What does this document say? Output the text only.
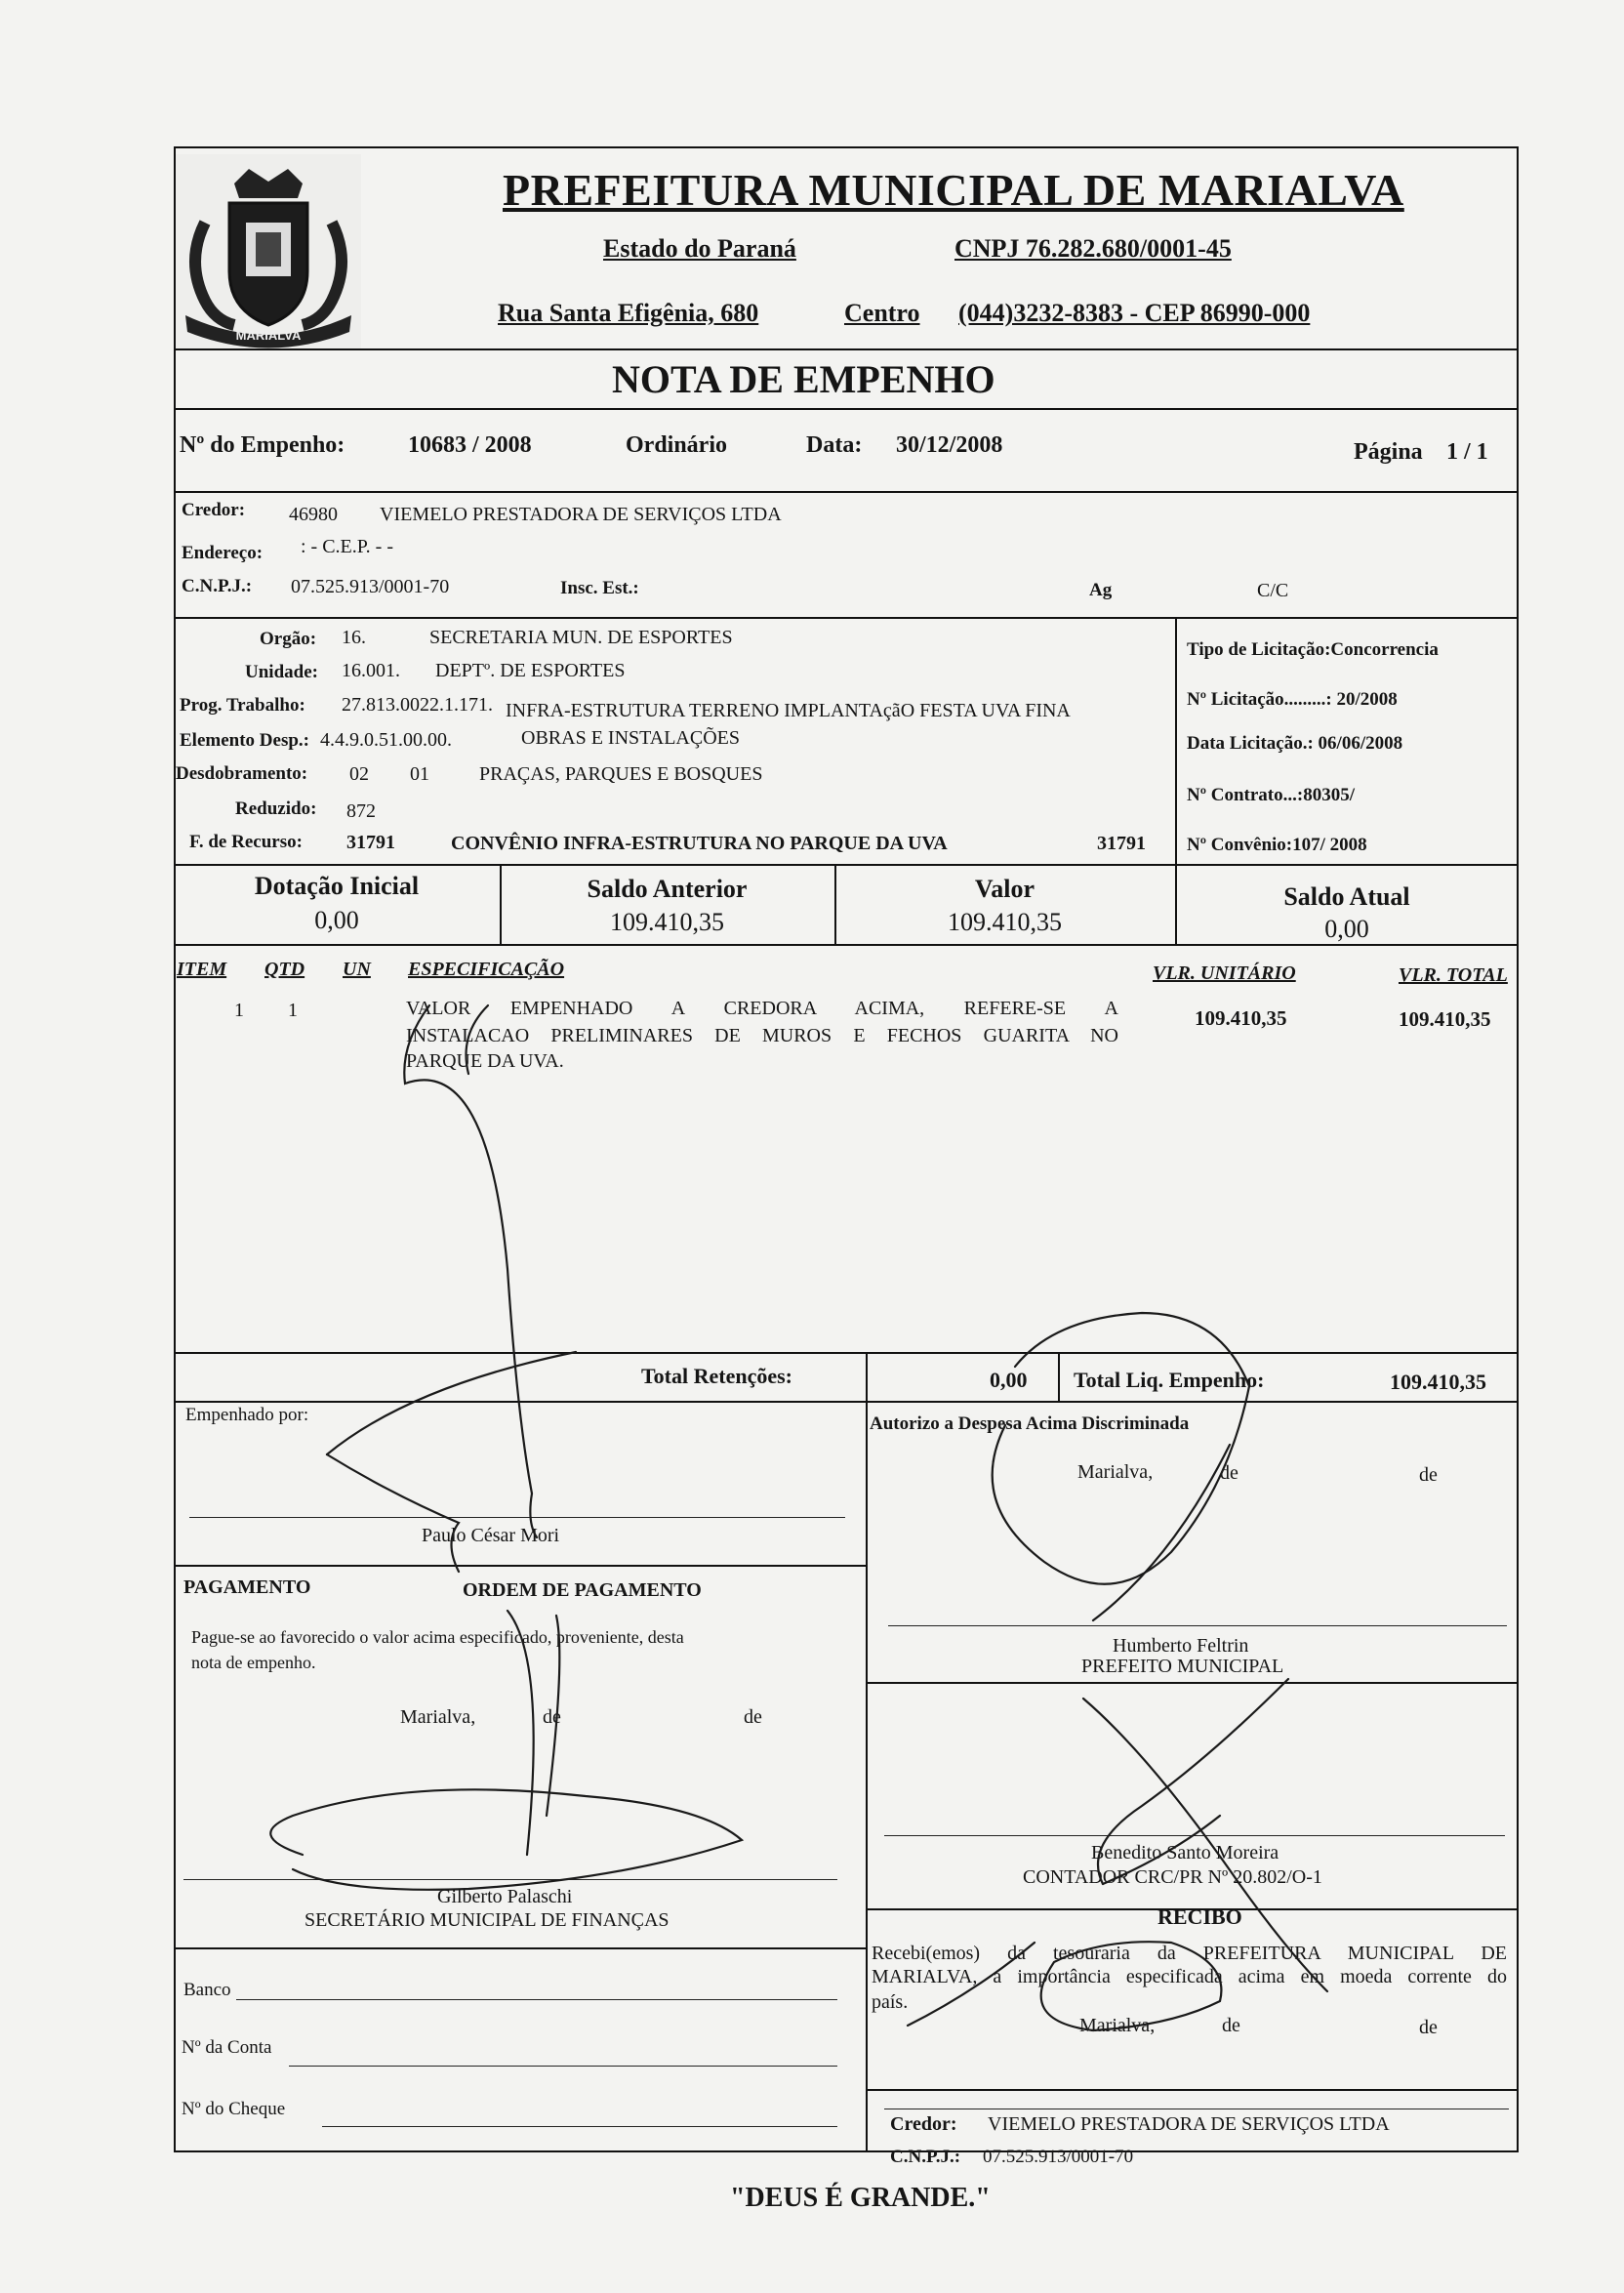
MARIALVA
PREFEITURA MUNICIPAL DE MARIALVA
Estado do Paraná	CNPJ 76.282.680/0001-45
Rua Santa Efigênia, 680	Centro (044)3232-8383 - CEP 86990-000
NOTA DE EMPENHO
Nº do Empenho:	10683 / 2008	Ordinário	Data: 30/12/2008	Página 1 / 1
Credor: 46980 VIEMELO PRESTADORA DE SERVIÇOS LTDA
Endereço: : - C.E.P. - -
C.N.P.J.: 07.525.913/0001-70	Insc. Est.:	Ag	C/C
Orgão: 16.	SECRETARIA MUN. DE ESPORTES
Unidade: 16.001. DEPTº. DE ESPORTES
Prog. Trabalho: 27.813.0022.1.171. INFRA-ESTRUTURA TERRENO IMPLANTAçãO FESTA UVA FINA
Elemento Desp.: 4.4.9.0.51.00.00.	OBRAS E INSTALAÇÕES
Desdobramento: 02 01	PRAÇAS, PARQUES E BOSQUES
Reduzido: 872
F. de Recurso: 31791	CONVÊNIO INFRA-ESTRUTURA NO PARQUE DA UVA	31791
Tipo de Licitação:Concorrencia
Nº Licitação.........: 20/2008
Data Licitação.: 06/06/2008
Nº Contrato...:80305/
Nº Convênio:107/ 2008
Dotação Inicial
0,00
Saldo Anterior
109.410,35
Valor
109.410,35
Saldo Atual
0,00
ITEM QTD UN ESPECIFICAÇÃO	VLR. UNITÁRIO	VLR. TOTAL
1 1	VALOR EMPENHADO A CREDORA ACIMA, REFERE-SE A
INSTALACAO PRELIMINARES DE MUROS E FECHOS GUARITA NO
PARQUE DA UVA.
109.410,35	109.410,35
Total Retenções:	0,00 Total Liq. Empenho:	109.410,35
Empenhado por:
Paulo César Mori
PAGAMENTO	ORDEM DE PAGAMENTO
Pague-se ao favorecido o valor acima especificado, proveniente, desta
nota de empenho.
Marialva,	de	de
Gilberto Palaschi
SECRETÁRIO MUNICIPAL DE FINANÇAS
Banco
Nº da Conta
Nº do Cheque
Autorizo a Despesa Acima Discriminada
Marialva,	de	de
Humberto Feltrin
PREFEITO MUNICIPAL
Benedito Santo Moreira
CONTADOR CRC/PR Nº 20.802/O-1
RECIBO
Recebi(emos) da tesouraria da PREFEITURA MUNICIPAL DE
MARIALVA, a importância especificada acima em moeda corrente do
país.
Marialva,	de	de
Credor: VIEMELO PRESTADORA DE SERVIÇOS LTDA
C.N.P.J.: 07.525.913/0001-70
"DEUS É GRANDE."
